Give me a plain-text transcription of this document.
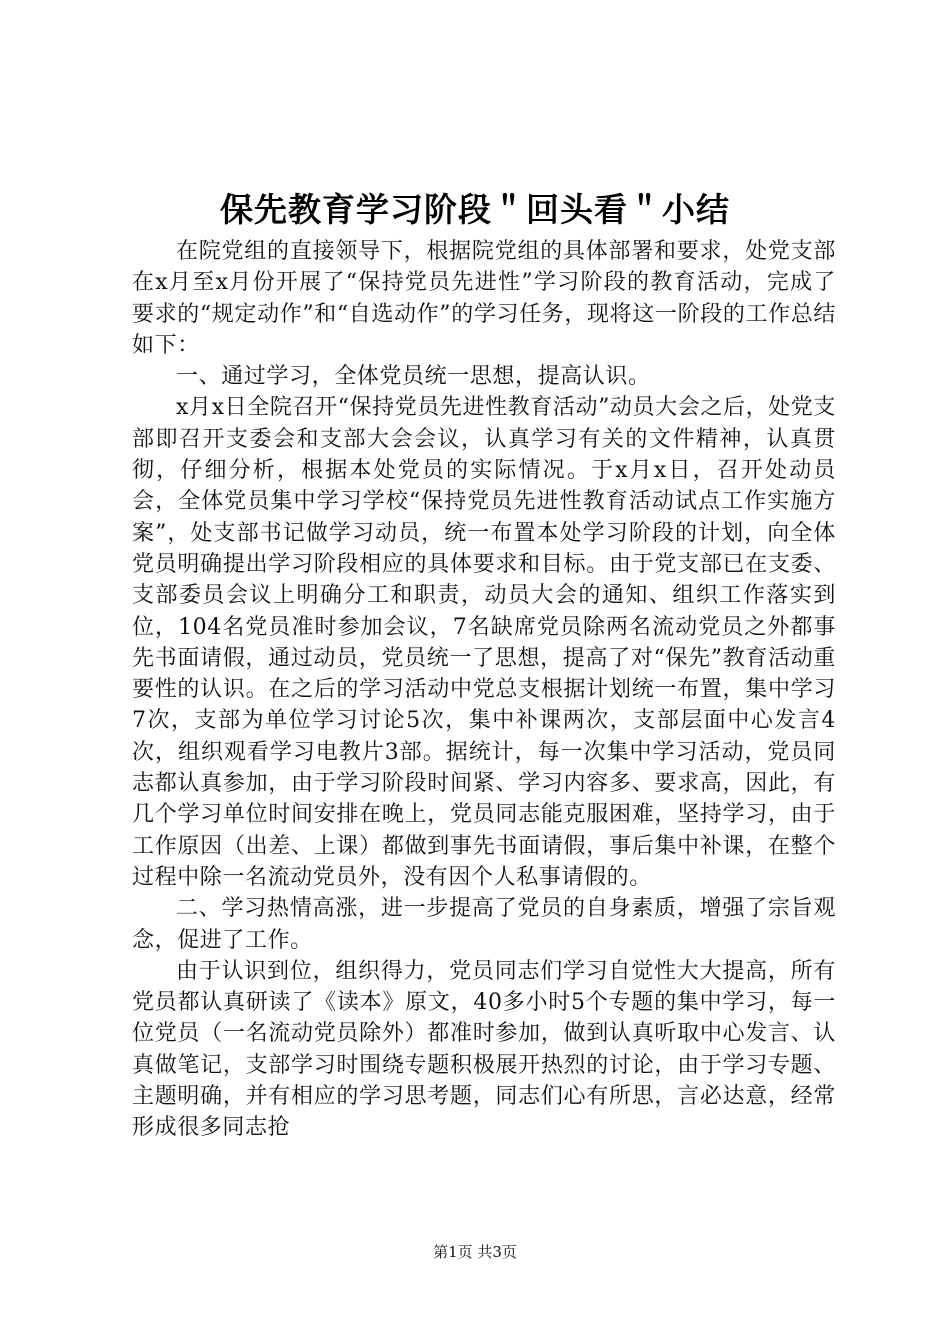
保先教育学习阶段＂回头看＂小结

在院党组的直接领导下，根据院党组的具体部署和要求，处党支部在x月至x月份开展了“保持党员先进性”学习阶段的教育活动，完成了要求的“规定动作”和“自选动作”的学习任务，现将这一阶段的工作总结如下：

一、通过学习，全体党员统一思想，提高认识。

x月x日全院召开“保持党员先进性教育活动”动员大会之后，处党支部即召开支委会和支部大会会议，认真学习有关的文件精神，认真贯彻，仔细分析，根据本处党员的实际情况。于x月x日，召开处动员会，全体党员集中学习学校“保持党员先进性教育活动试点工作实施方案”，处支部书记做学习动员，统一布置本处学习阶段的计划，向全体党员明确提出学习阶段相应的具体要求和目标。由于党支部已在支委、支部委员会议上明确分工和职责，动员大会的通知、组织工作落实到位，104名党员准时参加会议，7名缺席党员除两名流动党员之外都事先书面请假，通过动员，党员统一了思想，提高了对“保先”教育活动重要性的认识。在之后的学习活动中党总支根据计划统一布置，集中学习7次，支部为单位学习讨论5次，集中补课两次，支部层面中心发言4次，组织观看学习电教片3部。据统计，每一次集中学习活动，党员同志都认真参加，由于学习阶段时间紧、学习内容多、要求高，因此，有几个学习单位时间安排在晚上，党员同志能克服困难，坚持学习，由于工作原因（出差、上课）都做到事先书面请假，事后集中补课，在整个过程中除一名流动党员外，没有因个人私事请假的。

二、学习热情高涨，进一步提高了党员的自身素质，增强了宗旨观念，促进了工作。

由于认识到位，组织得力，党员同志们学习自觉性大大提高，所有党员都认真研读了《读本》原文，40多小时5个专题的集中学习，每一位党员（一名流动党员除外）都准时参加，做到认真听取中心发言、认真做笔记，支部学习时围绕专题积极展开热烈的讨论，由于学习专题、主题明确，并有相应的学习思考题，同志们心有所思，言必达意，经常形成很多同志抢

第1页 共3页
